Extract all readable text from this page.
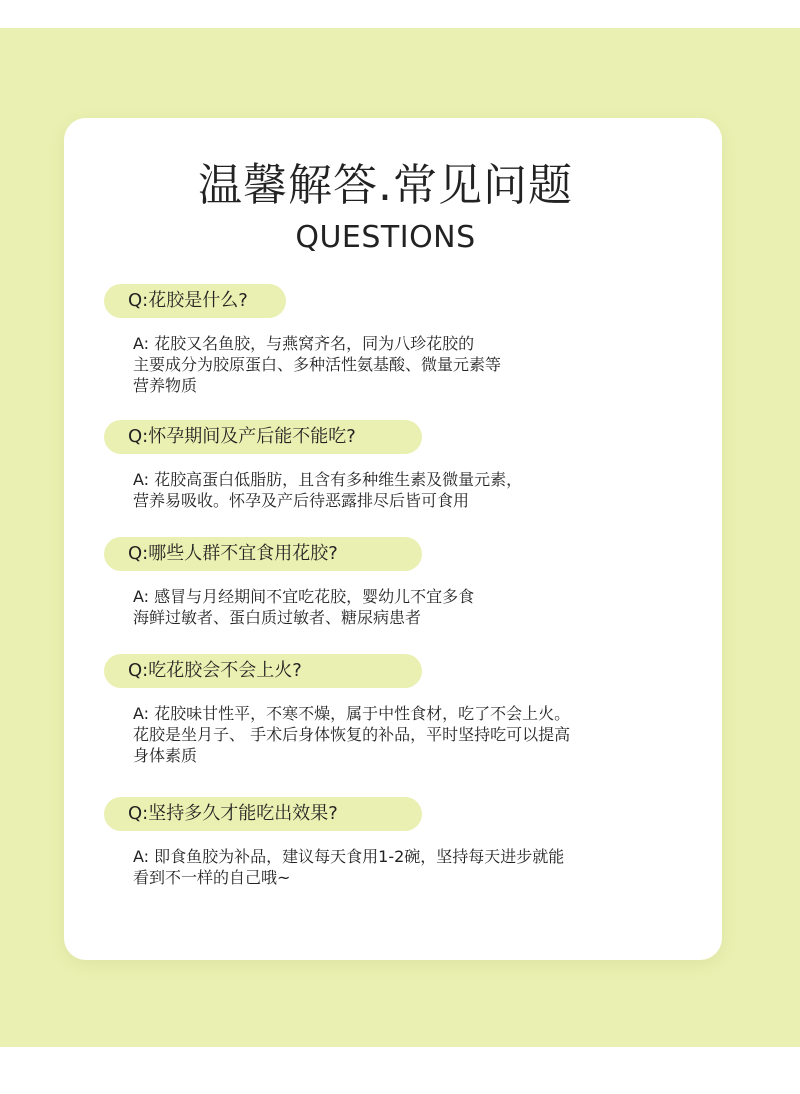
温馨解答.常见问题
QUESTIONS
Q:花胶是什么?
A: 花胶又名鱼胶，与燕窝齐名，同为八珍花胶的
主要成分为胶原蛋白、多种活性氨基酸、微量元素等
营养物质
Q:怀孕期间及产后能不能吃?
A: 花胶高蛋白低脂肪，且含有多种维生素及微量元素，
营养易吸收。怀孕及产后待恶露排尽后皆可食用
Q:哪些人群不宜食用花胶?
A: 感冒与月经期间不宜吃花胶，婴幼儿不宜多食
海鲜过敏者、蛋白质过敏者、糖尿病患者
Q:吃花胶会不会上火?
A: 花胶味甘性平，不寒不燥，属于中性食材，吃了不会上火。
花胶是坐月子、 手术后身体恢复的补品，平时坚持吃可以提高
身体素质
Q:坚持多久才能吃出效果?
A: 即食鱼胶为补品，建议每天食用1-2碗，坚持每天进步就能
看到不一样的自己哦~
